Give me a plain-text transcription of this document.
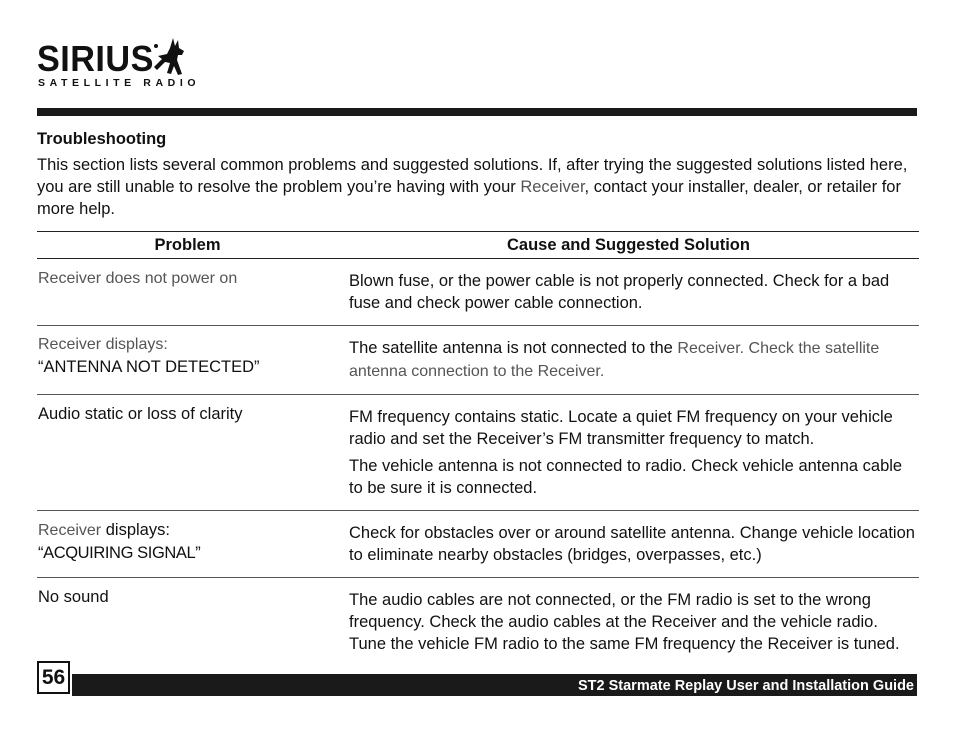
SIRIUS
SATELLITE RADIO
Troubleshooting
This section lists several common problems and suggested solutions. If, after trying the suggested solutions listed here, you are still unable to resolve the problem you’re having with your Receiver, contact your installer, dealer, or retailer for more help.
Problem	Cause and Suggested Solution
Receiver does not power on	Blown fuse, or the power cable is not properly connected. Check for a bad fuse and check power cable connection.

Receiver displays:
“ANTENNA NOT DETECTED”	The satellite antenna is not connected to the Receiver. Check the satellite antenna connection to the Receiver.

Audio static or loss of clarity	FM frequency contains static. Locate a quiet FM frequency on your vehicle radio and set the Receiver’s FM transmitter frequency to match.

The vehicle antenna is not connected to radio. Check vehicle antenna cable to be sure it is connected.

Receiver displays:
“ACQUIRING SIGNAL”	Check for obstacles over or around satellite antenna. Change vehicle location to eliminate nearby obstacles (bridges, overpasses, etc.)

No sound	The audio cables are not connected, or the FM radio is set to the wrong frequency. Check the audio cables at the Receiver and the vehicle radio. Tune the vehicle FM radio to the same FM frequency the Receiver is tuned.

56	ST2 Starmate Replay User and Installation Guide
